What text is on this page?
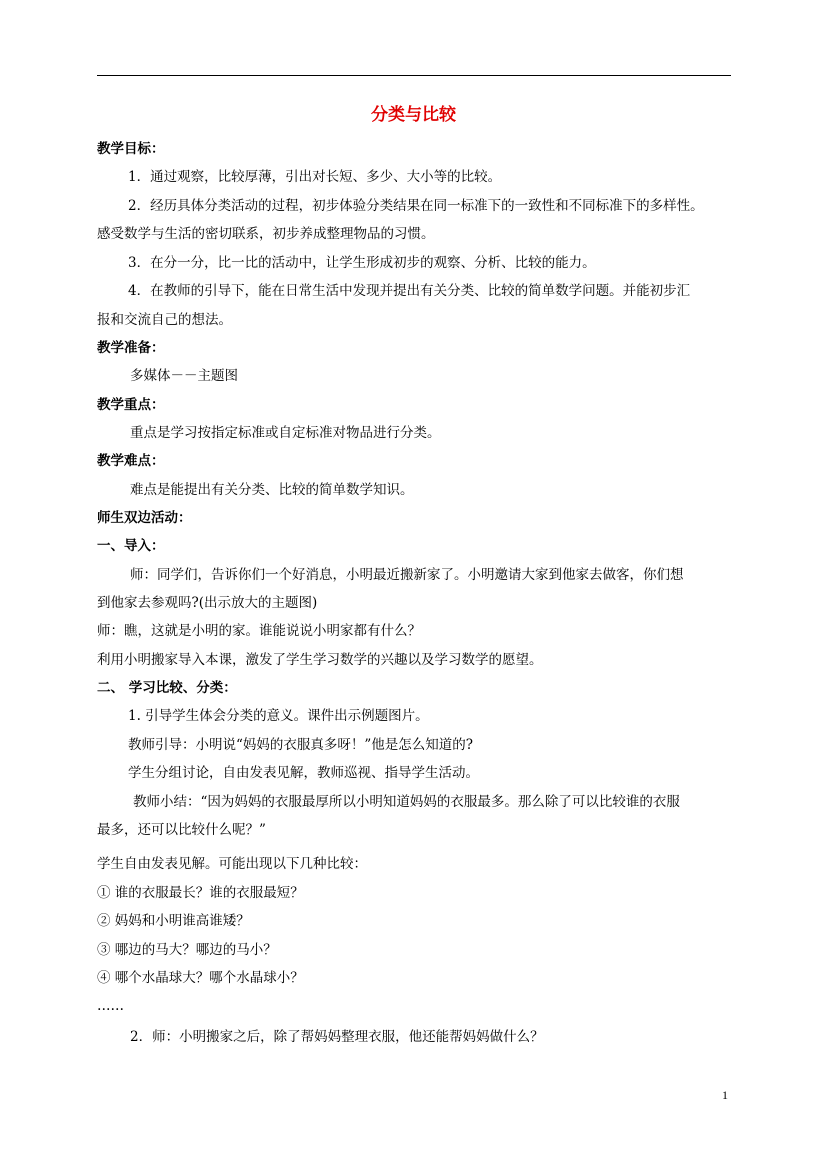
分类与比较
教学目标：
1．通过观察，比较厚薄，引出对长短、多少、大小等的比较。
2．经历具体分类活动的过程，初步体验分类结果在同一标准下的一致性和不同标准下的多样性。
感受数学与生活的密切联系，初步养成整理物品的习惯。
3．在分一分，比一比的活动中，让学生形成初步的观察、分析、比较的能力。
4．在教师的引导下，能在日常生活中发现并提出有关分类、比较的简单数学问题。并能初步汇
报和交流自己的想法。
教学准备：
多媒体－－主题图
教学重点：
重点是学习按指定标准或自定标准对物品进行分类。
教学难点：
难点是能提出有关分类、比较的简单数学知识。
师生双边活动：
一、导入：
师：同学们，告诉你们一个好消息，小明最近搬新家了。小明邀请大家到他家去做客，你们想
到他家去参观吗?(出示放大的主题图)
师：瞧，这就是小明的家。谁能说说小明家都有什么？
利用小明搬家导入本课，激发了学生学习数学的兴趣以及学习数学的愿望。
二、 学习比较、分类：
1. 引导学生体会分类的意义。课件出示例题图片。
教师引导：小明说“妈妈的衣服真多呀！”他是怎么知道的?
学生分组讨论，自由发表见解，教师巡视、指导学生活动。
教师小结：“因为妈妈的衣服最厚所以小明知道妈妈的衣服最多。那么除了可以比较谁的衣服
最多，还可以比较什么呢？”
学生自由发表见解。可能出现以下几种比较：
① 谁的衣服最长？谁的衣服最短？
② 妈妈和小明谁高谁矮？
③ 哪边的马大？哪边的马小？
④ 哪个水晶球大？哪个水晶球小？
……
2．师：小明搬家之后，除了帮妈妈整理衣服，他还能帮妈妈做什么？
1
